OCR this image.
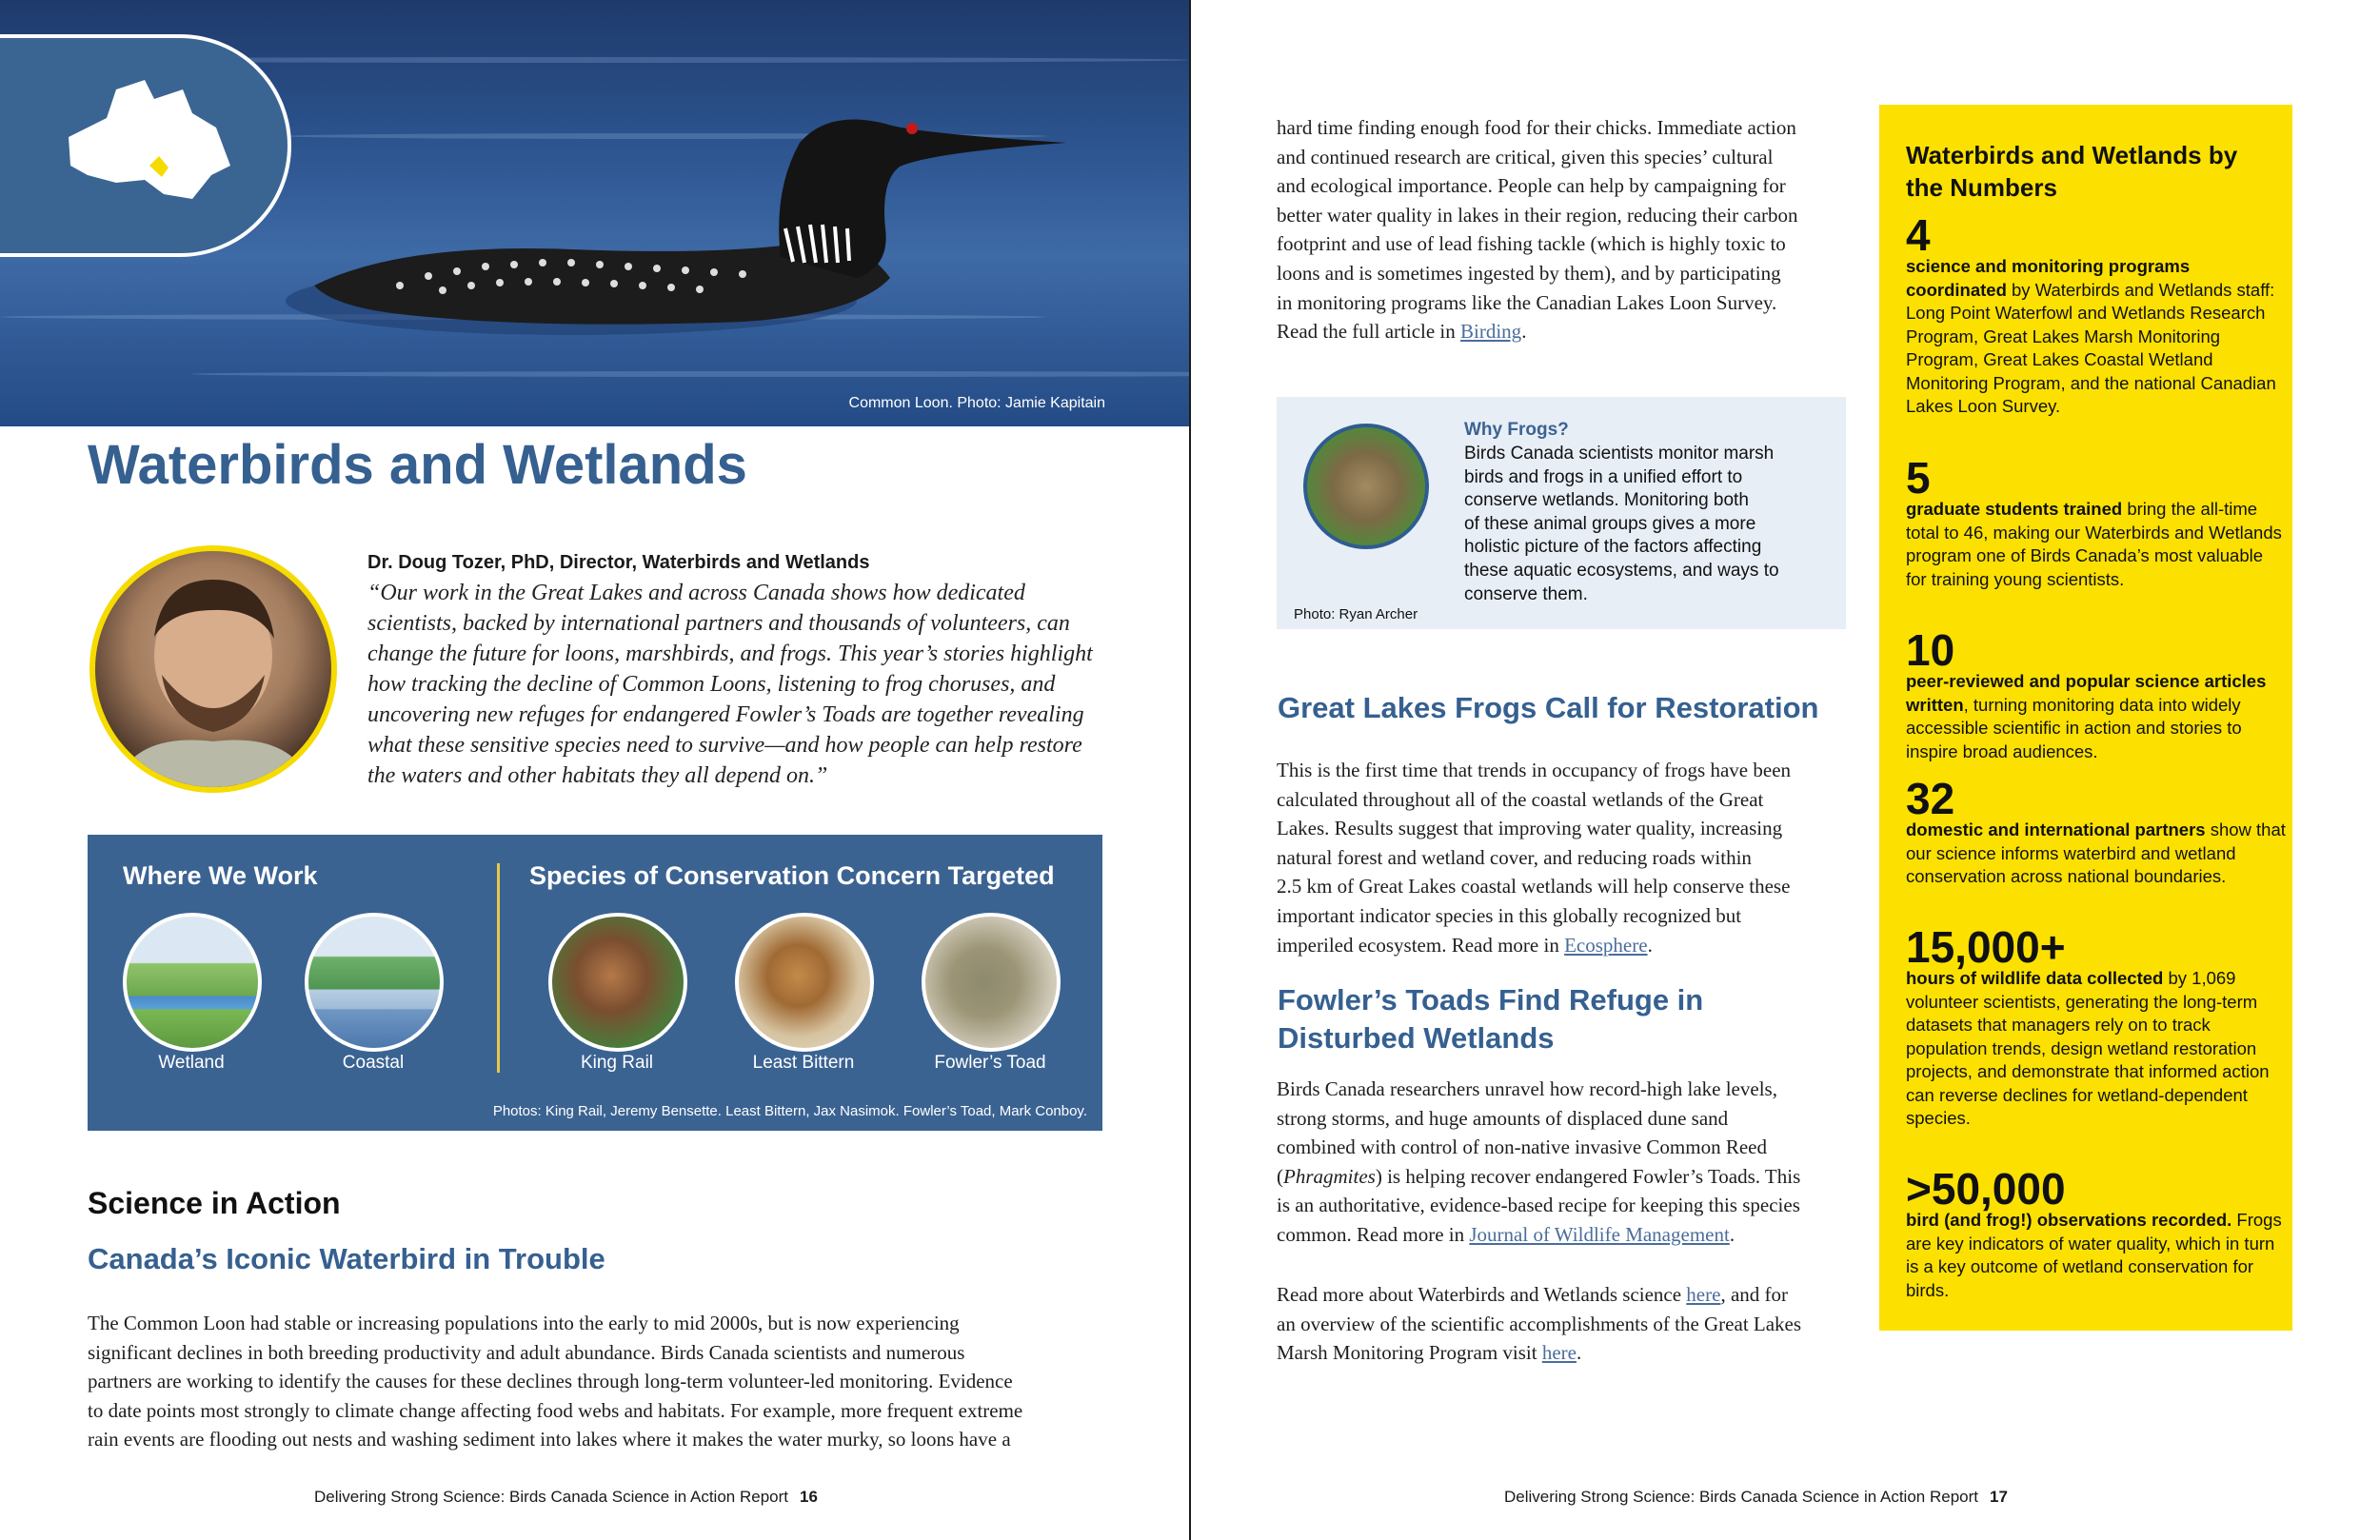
Common Loon. Photo: Jamie Kapitain
Waterbirds and Wetlands
Dr. Doug Tozer, PhD, Director, Waterbirds and Wetlands
“Our work in the Great Lakes and across Canada shows how dedicated
scientists, backed by international partners and thousands of volunteers, can
change the future for loons, marshbirds, and frogs. This year’s stories highlight
how tracking the decline of Common Loons, listening to frog choruses, and
uncovering new refuges for endangered Fowler’s Toads are together revealing
what these sensitive species need to survive—and how people can help restore
the waters and other habitats they all depend on.”
Where We Work	Species of Conservation Concern Targeted
Wetland	Coastal	King Rail	Least Bittern	Fowler’s Toad
Photos: King Rail, Jeremy Bensette. Least Bittern, Jax Nasimok. Fowler’s Toad, Mark Conboy.
Science in Action
Canada’s Iconic Waterbird in Trouble
The Common Loon had stable or increasing populations into the early to mid 2000s, but is now experiencing
significant declines in both breeding productivity and adult abundance. Birds Canada scientists and numerous
partners are working to identify the causes for these declines through long-term volunteer-led monitoring. Evidence
to date points most strongly to climate change affecting food webs and habitats. For example, more frequent extreme
rain events are flooding out nests and washing sediment into lakes where it makes the water murky, so loons have a
Delivering Strong Science: Birds Canada Science in Action Report 16
hard time finding enough food for their chicks. Immediate action
and continued research are critical, given this species’ cultural
and ecological importance. People can help by campaigning for
better water quality in lakes in their region, reducing their carbon
footprint and use of lead fishing tackle (which is highly toxic to
loons and is sometimes ingested by them), and by participating
in monitoring programs like the Canadian Lakes Loon Survey.
Read the full article in Birding.
Why Frogs?
Birds Canada scientists monitor marsh
birds and frogs in a unified effort to
conserve wetlands. Monitoring both
of these animal groups gives a more
holistic picture of the factors affecting
these aquatic ecosystems, and ways to
conserve them.
Photo: Ryan Archer
Great Lakes Frogs Call for Restoration
This is the first time that trends in occupancy of frogs have been
calculated throughout all of the coastal wetlands of the Great
Lakes. Results suggest that improving water quality, increasing
natural forest and wetland cover, and reducing roads within
2.5 km of Great Lakes coastal wetlands will help conserve these
important indicator species in this globally recognized but
imperiled ecosystem. Read more in Ecosphere.
Fowler’s Toads Find Refuge in
Disturbed Wetlands
Birds Canada researchers unravel how record-high lake levels,
strong storms, and huge amounts of displaced dune sand
combined with control of non-native invasive Common Reed
(Phragmites) is helping recover endangered Fowler’s Toads. This
is an authoritative, evidence-based recipe for keeping this species
common. Read more in Journal of Wildlife Management.
Read more about Waterbirds and Wetlands science here, and for
an overview of the scientific accomplishments of the Great Lakes
Marsh Monitoring Program visit here.
Waterbirds and Wetlands by
the Numbers
4
science and monitoring programs coordinated by Waterbirds and Wetlands staff: Long Point Waterfowl and Wetlands Research Program, Great Lakes Marsh Monitoring Program, Great Lakes Coastal Wetland Monitoring Program, and the national Canadian Lakes Loon Survey.
5
graduate students trained bring the all-time total to 46, making our Waterbirds and Wetlands program one of Birds Canada’s most valuable for training young scientists.
10
peer-reviewed and popular science articles written, turning monitoring data into widely accessible scientific in action and stories to inspire broad audiences.
32
domestic and international partners show that our science informs waterbird and wetland conservation across national boundaries.
15,000+
hours of wildlife data collected by 1,069 volunteer scientists, generating the long-term datasets that managers rely on to track population trends, design wetland restoration projects, and demonstrate that informed action can reverse declines for wetland-dependent species.
>50,000
bird (and frog!) observations recorded. Frogs are key indicators of water quality, which in turn is a key outcome of wetland conservation for birds.
Delivering Strong Science: Birds Canada Science in Action Report 17
